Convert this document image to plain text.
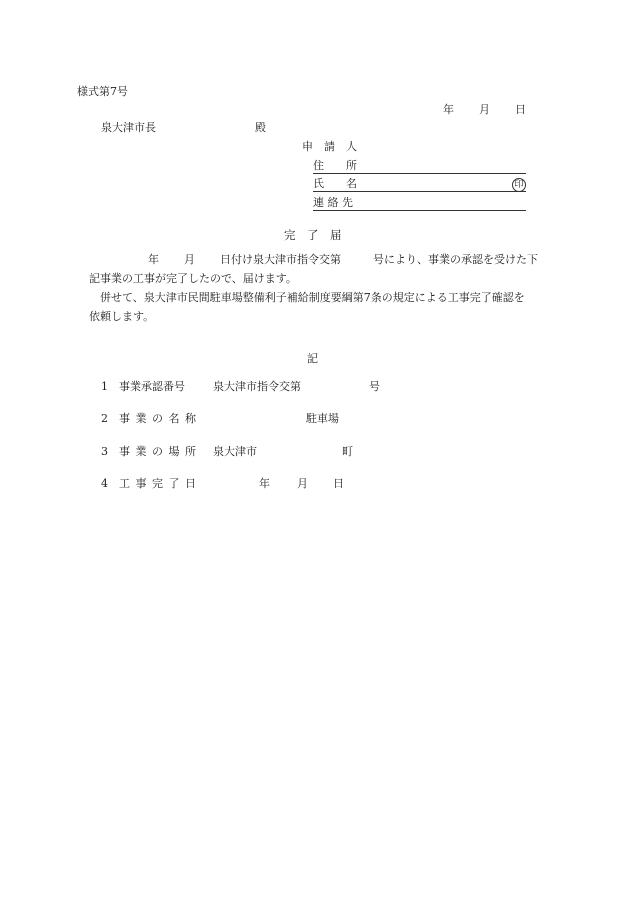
様式第7号
年 月 日
泉大津市長	殿
申　請　人
住　　所
氏　　名	印
連 絡 先
完　了　届
年 月 日付け泉大津市指令交第	号により、事業の承認を受けた下
記事業の工事が完了したので、届けます。
　併せて、泉大津市民間駐車場整備利子補給制度要綱第7条の規定による工事完了確認を
依頼します。
記
1 事業承認番号	泉大津市指令交第	号
2 事 業 の 名 称	駐車場
3 事 業 の 場 所 泉大津市	町
4 工 事 完 了 日	年 月 日
